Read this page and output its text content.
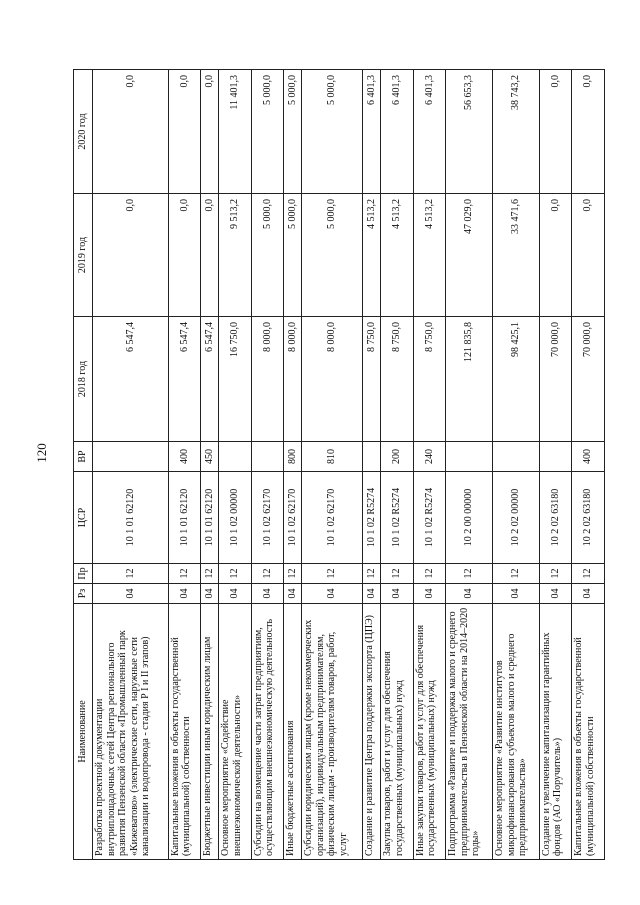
120
Наименование	Рз	Пр	ЦСР	ВР	2018 год	2019 год	2020 год
Разработка проектной документации внутриплощадочных сетей Центра регионального развития Пензенской области «Промышленный парк «Кижеватово» (электрические сети, наружные сети канализации и водопровода - стадия Р I и II этапов)	04	12	10 1 01 62120		6 547,4	0,0	0,0
Капитальные вложения в объекты государственной (муниципальной) собственности	04	12	10 1 01 62120	400	6 547,4	0,0	0,0
Бюджетные инвестиции иным юридическим лицам	04	12	10 1 01 62120	450	6 547,4	0,0	0,0
Основное мероприятие «Содействие внешнеэкономической деятельности»	04	12	10 1 02 00000		16 750,0	9 513,2	11 401,3
Субсидии на возмещение части затрат предприятиям, осуществляющим внешнеэкономическую деятельность	04	12	10 1 02 62170		8 000,0	5 000,0	5 000,0
Иные бюджетные ассигнования	04	12	10 1 02 62170	800	8 000,0	5 000,0	5 000,0
Субсидии юридическим лицам (кроме некоммерческих организаций), индивидуальным предпринимателям, физическим лицам - производителям товаров, работ, услуг	04	12	10 1 02 62170	810	8 000,0	5 000,0	5 000,0
Создание и развитие Центра поддержки экспорта (ЦПЭ)	04	12	10 1 02 R5274		8 750,0	4 513,2	6 401,3
Закупка товаров, работ и услуг для обеспечения государственных (муниципальных) нужд	04	12	10 1 02 R5274	200	8 750,0	4 513,2	6 401,3
Иные закупки товаров, работ и услуг для обеспечения государственных (муниципальных) нужд	04	12	10 1 02 R5274	240	8 750,0	4 513,2	6 401,3
Подпрограмма «Развитие и поддержка малого и среднего предпринимательства в Пензенской области на 2014–2020 годы»	04	12	10 2 00 00000		121 835,8	47 029,0	56 653,3
Основное мероприятие «Развитие институтов микрофинансирования субъектов малого и среднего предпринимательства»	04	12	10 2 02 00000		98 425,1	33 471,6	38 743,2
Создание и увеличение капитализации гарантийных фондов (АО «Поручитель»)	04	12	10 2 02 63180		70 000,0	0,0	0,0
Капитальные вложения в объекты государственной (муниципальной) собственности	04	12	10 2 02 63180	400	70 000,0	0,0	0,0
